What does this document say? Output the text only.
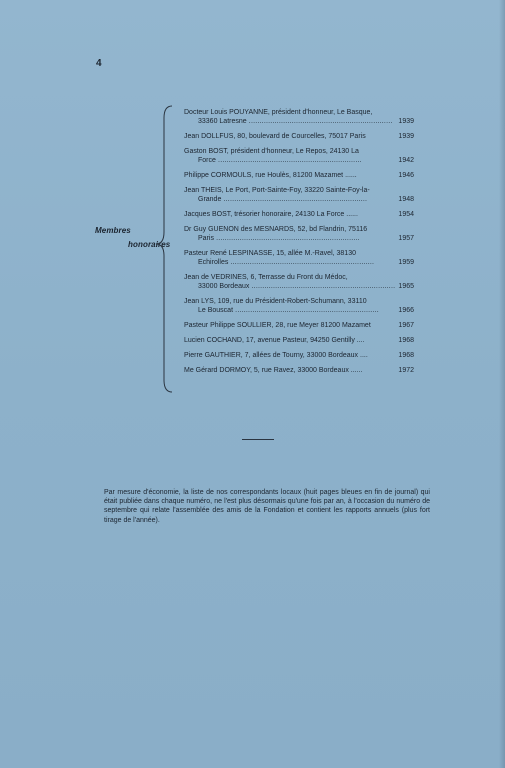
4
Membres
honoraires
Docteur Louis POUYANNE, président d'honneur, Le Basque,
33360 Latresne .....	1939
Jean DOLLFUS, 80, boulevard de Courcelles, 75017 Paris	1939
Gaston BOST, président d'honneur, Le Repos, 24130 La
Force .....	1942
Philippe CORMOULS, rue Houlès, 81200 Mazamet ......	1946
Jean THEIS, Le Port, Port-Sainte-Foy, 33220 Sainte-Foy-la-
Grande .....	1948
Jacques BOST, trésorier honoraire, 24130 La Force ......	1954
Dr Guy GUENON des MESNARDS, 52, bd Flandrin, 75116
Paris .....	1957
Pasteur René LESPINASSE, 15, allée M.-Ravel, 38130
Echirolles .....	1959
Jean de VEDRINES, 6, Terrasse du Front du Médoc,
33000 Bordeaux .....	1965
Jean LYS, 109, rue du Président-Robert-Schumann, 33110
Le Bouscat .....	1966
Pasteur Philippe SOULLIER, 28, rue Meyer 81200 Mazamet	1967
Lucien COCHAND, 17, avenue Pasteur, 94250 Gentilly ....	1968
Pierre GAUTHIER, 7, allées de Tourny, 33000 Bordeaux ....	1968
Me Gérard DORMOY, 5, rue Ravez, 33000 Bordeaux ......	1972
Par mesure d'économie, la liste de nos correspondants locaux (huit pages bleues en fin de journal) qui était publiée dans chaque numéro, ne l'est plus désormais qu'une fois par an, à l'occasion du numéro de septembre qui relate l'assemblée des amis de la Fondation et contient les rapports annuels (plus fort tirage de l'année).
